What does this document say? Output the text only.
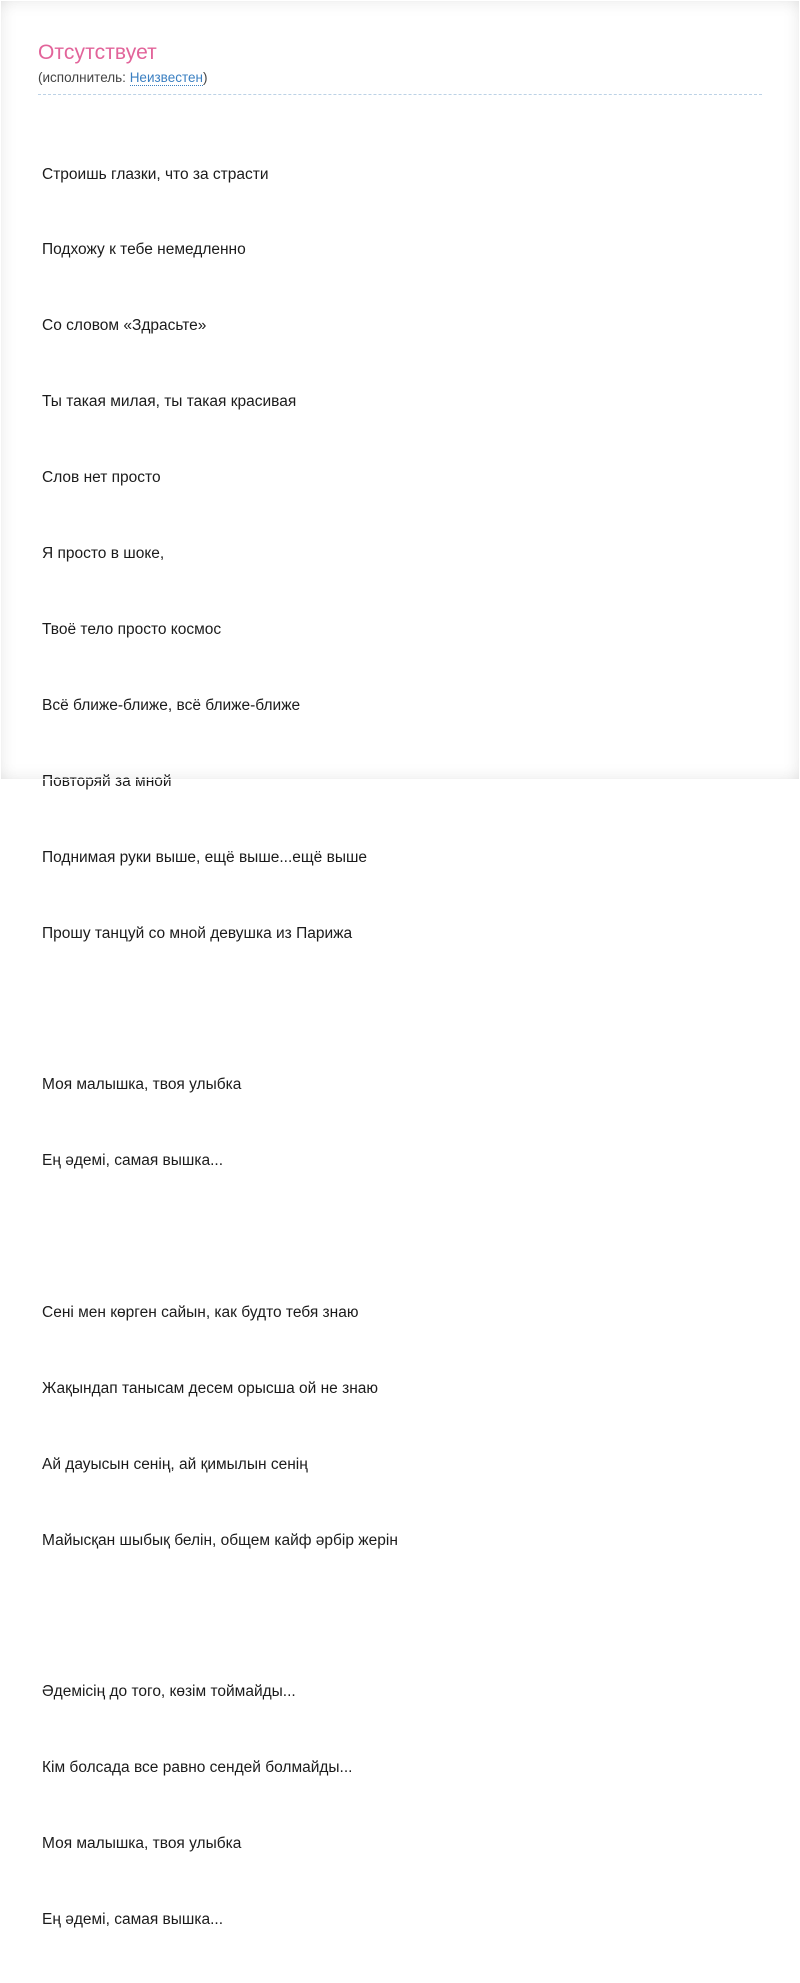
Отсутствует
(исполнитель: Неизвестен)

Строишь глазки, что за страсти

Подхожу к тебе немедленно

Со словом «Здрасьте»

Ты такая милая, ты такая красивая

Слов нет просто

Я просто в шоке,

Твоё тело просто космос

Всё ближе-ближе, всё ближе-ближе

Повторяй за мной

Поднимая руки выше, ещё выше...ещё выше

Прошу танцуй со мной девушка из Парижа

Моя малышка, твоя улыбка

Ең әдемі, самая вышка...

Сені мен көрген сайын, как будто тебя знаю

Жақындап танысам десем орысша ой не знаю

Ай дауысын сенің, ай қимылын сенің

Майысқан шыбық белін, общем кайф әрбір жерін

Әдемісің до того, көзім тоймайды...

Кім болсада все равно сендей болмайды...

Моя малышка, твоя улыбка

Ең әдемі, самая вышка...
